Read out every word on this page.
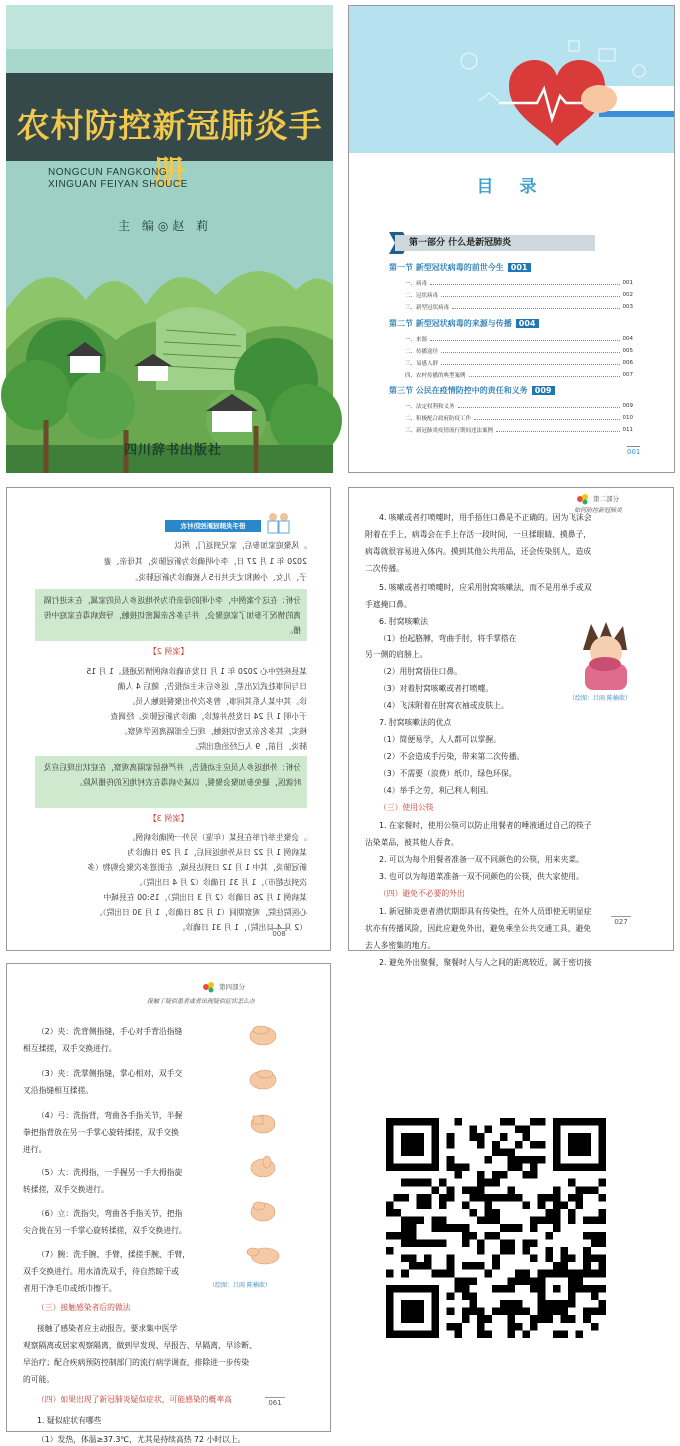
农村防控新冠肺炎手册
NONGCUN FANGKONG
XINGUAN FEIYAN SHOUCE
主 编◎赵 莉
四川辞书出版社
目 录
第一部分 什么是新冠肺炎
第一节 新型冠状病毒的前世今生 001
一、病毒	001
二、冠状病毒	002
三、新型冠状病毒	003
第二节 新型冠状病毒的来源与传播 004
一、来源	004
二、传播途径	005
三、易感人群	006
四、农村传播的典型案例	007
第三节 公民在疫情防控中的责任和义务 009
一、法定权利和义务	009
二、积极配合政府防疫工作	010
三、新冠肺炎疫情流行期间违法案例	011
001
册手炎肺冠新控防村农
。风聚庭家加参后，家兄到返门，所以
2020 年 1 月 27 日，李小明确诊为新冠肺炎，其母亲、妻
子、儿女、小姨和丈夫共计5人被确诊为新冠肺炎。
分析：在这个案例中，李小明的母亲作为外地返乡人员的家属，在未进行隔离的情况下参加了家庭聚会，并与多名亲属密切接触，导致病毒在家庭中传播。
【案例 2】
某县疾控中心 2020 年 1 月 日发布确诊病例情况通报。1 月 15
日与同事赴武汉出差，返乡后未主动报告，随后 4 人确
诊。其中某人系其同事，曾多次外出聚餐接触人员。
于小明 1 月 24 日发热并就诊，确诊为新冠肺炎。经调查
核实，其多名亲友密切接触，现已全部隔离医学观察。
肺炎，目前，9 人已经治愈出院。
分析：外地返乡人员应主动报告，并严格居家隔离观察，在症状出现后应及时就医，避免参加聚会聚餐，以减少病毒在农村地区的传播风险。
【案例 3】
。会聚生举行举在县某（年鉴）另外一例确诊病例。
某病例 1 月 22 日从外地返回后，1 月 29 日确诊为
新冠肺炎，其中 1 月 12 日到达县城，在街道多次聚会购物（多
次到达超市），1 月 31 日确诊（2 月 4 日出院）。
某病例 1 月 26 日确诊（2 月 3 日出院），15:00 在县城中
心医院住院，观察期间（1 月 28 日确诊，1 月 30 日出院）。
（2 月 4 日出院），1 月 31 日确诊。
008
第二部分
如何防控新冠肺炎
4. 咳嗽或者打喷嚏时，用手捂住口鼻是不正确的。因为飞沫会
附着在手上，病毒会在手上存活一段时间，一旦揉眼睛、摸鼻子，
病毒就很容易进入体内。摸到其他公共用品，还会传染别人，造成
二次传播。
5. 咳嗽或者打喷嚏时，应采用肘窝咳嗽法，而不是用单手或双
手遮掩口鼻。
6. 肘窝咳嗽法
（1）抬起胳膊，弯曲手肘，将手掌搭在
另一侧的肩膀上。
（2）用肘窝捂住口鼻。
（3）对着肘窝咳嗽或者打喷嚏。
（4）飞沫附着在肘窝衣袖或皮肤上。
7. 肘窝咳嗽法的优点
（1）简便易学，人人都可以掌握。
（2）不会造成手污染，带来第二次传播。
（3）不需要（浪费）纸巾，绿色环保。
（4）举手之劳，利己利人利国。
（三）使用公筷
1. 在家餐时，使用公筷可以防止用餐者的唾液通过自己的筷子
沾染菜品，被其他人吞食。
2. 可以为每个用餐者准备一双不同颜色的公筷，用来夹菜。
3. 也可以为每道菜准备一双不同颜色的公筷，供大家使用。
（四）避免不必要的外出
1. 新冠肺炎患者潜伏期即具有传染性，在外人员即使无明显症
状亦有传播风险，因此应避免外出，避免乘坐公共交通工具，避免
去人多密集的地方。
2. 避免外出聚餐，聚餐时人与人之间的距离较近，属于密切接
（绘图：吕雨 陈楠欲）
027
第四部分
接触了疑似患者或者出现疑似症状怎么办
（2）夹：洗背侧指缝，手心对手背沿指缝
相互揉搓，双手交换进行。
（3）夹：洗掌侧指缝，掌心相对，双手交
叉沿指缝相互揉搓。
（4）弓：洗指背，弯曲各手指关节，半握
拳把指背放在另一手掌心旋转揉搓，双手交换
进行。
（5）大：洗拇指，一手握另一手大拇指旋
转揉搓，双手交换进行。
（6）立：洗指尖，弯曲各手指关节，把指
尖合拢在另一手掌心旋转揉搓，双手交换进行。
（7）腕：洗手腕、手臂，揉搓手腕、手臂，
双手交换进行。用水清洗双手，待自然晾干或
者用干净毛巾或纸巾擦干。
（三）接触感染者后的做法
接触了感染者应主动报告，要求集中医学
观察隔离或居家观察隔离，做到早发现、早报告、早隔离、早诊断、
早治疗；配合疾病预防控制部门的流行病学调查，排除进一步传染
的可能。
（四）如果出现了新冠肺炎疑似症状，可能感染的概率高
1. 疑似症状有哪些
（1）发热，体温≥37.3℃，尤其是持续高热 72 小时以上。
（绘图：吕雨 陈楠欲）
061
